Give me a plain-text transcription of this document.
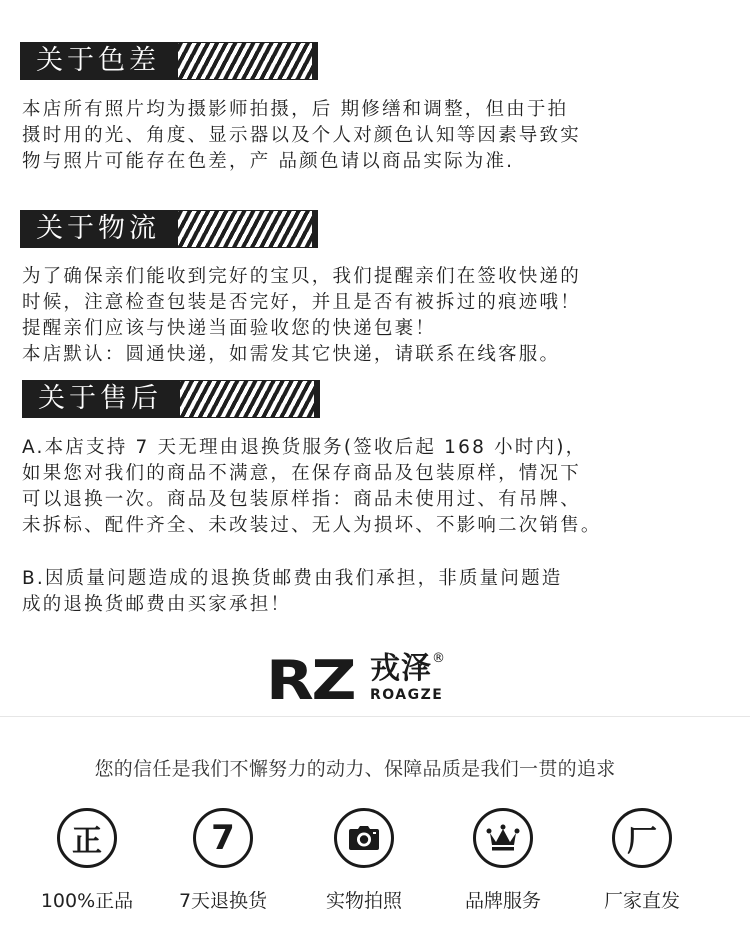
关于色差

本店所有照片均为摄影师拍摄，后 期修缮和调整，但由于拍
摄时用的光、角度、显示器以及个人对颜色认知等因素导致实
物与照片可能存在色差，产 品颜色请以商品实际为准.

关于物流

为了确保亲们能收到完好的宝贝，我们提醒亲们在签收快递的
时候，注意检查包装是否完好，并且是否有被拆过的痕迹哦！
提醒亲们应该与快递当面验收您的快递包裹！
本店默认：圆通快递，如需发其它快递，请联系在线客服。

关于售后

A.本店支持 7 天无理由退换货服务(签收后起 168 小时内)，
如果您对我们的商品不满意，在保存商品及包装原样，情况下
可以退换一次。商品及包装原样指：商品未使用过、有吊牌、
未拆标、配件齐全、未改装过、无人为损坏、不影响二次销售。

B.因质量问题造成的退换货邮费由我们承担，非质量问题造
成的退换货邮费由买家承担！

RZ 戎泽®
ROAGZE
您的信任是我们不懈努力的动力、保障品质是我们一贯的追求
正
100%正品
7
7天退换货	实物拍照	品牌服务
厂
厂家直发
